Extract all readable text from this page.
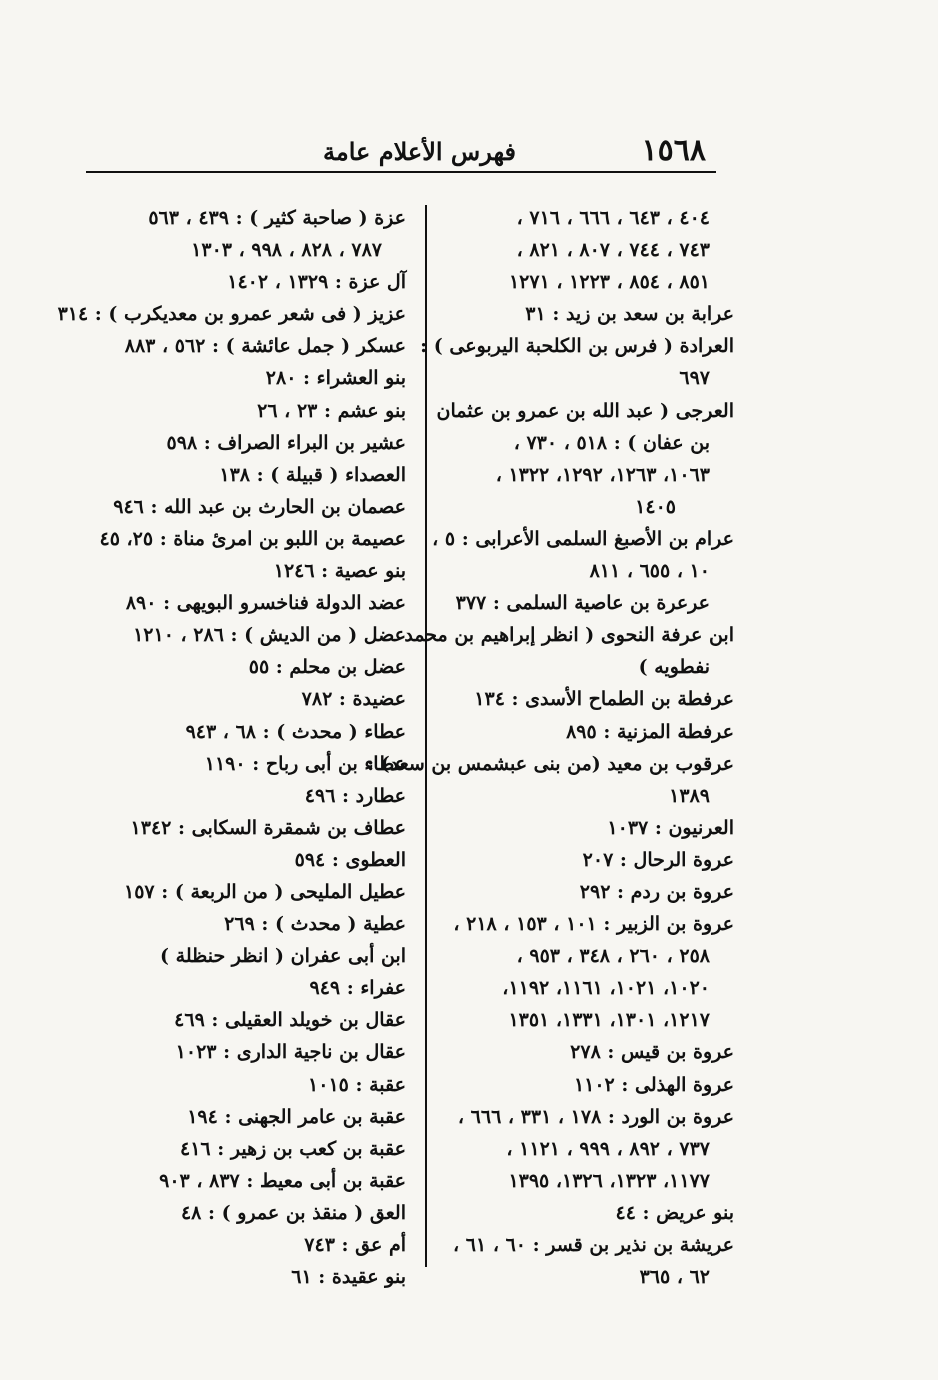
١٥٦٨
فهرس الأعلام عامة
٤٠٤ ، ٦٤٣ ، ٦٦٦ ، ٧١٦ ،
٧٤٣ ، ٧٤٤ ، ٨٠٧ ، ٨٢١ ،
٨٥١ ، ٨٥٤ ، ١٢٢٣ ، ١٢٧١
عرابة بن سعد بن زيد : ٣١
العرادة ( فرس بن الكلحبة اليربوعى ) :
٦٩٧
العرجى ( عبد الله بن عمرو بن عثمان
بن عفان ) : ٥١٨ ، ٧٣٠ ،
١٠٦٣، ١٢٦٣، ١٢٩٢، ١٣٢٢ ،
١٤٠٥
عرام بن الأصبغ السلمى الأعرابى : ٥ ،
١٠ ، ٦٥٥ ، ٨١١
عرعرة بن عاصية السلمى : ٣٧٧
ابن عرفة النحوى ( انظر إبراهيم بن محمد
نفطويه )
عرفطة بن الطماح الأسدى : ١٣٤
عرفطة المزنية : ٨٩٥
عرقوب بن معيد (من بنى عبشمس بن سعد) :
١٣٨٩
العرنيون : ١٠٣٧
عروة الرحال : ٢٠٧
عروة بن ردم : ٢٩٢
عروة بن الزبير : ١٠١ ، ١٥٣ ، ٢١٨ ،
٢٥٨ ، ٢٦٠ ، ٣٤٨ ، ٩٥٣ ،
١٠٢٠، ١٠٢١، ١١٦١، ١١٩٢،
١٢١٧، ١٣٠١، ١٣٣١، ١٣٥١
عروة بن قيس : ٢٧٨
عروة الهذلى : ١١٠٢
عروة بن الورد : ١٧٨ ، ٣٣١ ، ٦٦٦ ،
٧٣٧ ، ٨٩٢ ، ٩٩٩ ، ١١٢١ ،
١١٧٧، ١٣٢٣، ١٣٢٦، ١٣٩٥
بنو عريض : ٤٤
عريشة بن نذير بن قسر : ٦٠ ، ٦١ ،
٦٢ ، ٣٦٥
عزة ( صاحبة كثير ) : ٤٣٩ ، ٥٦٣
٧٨٧ ، ٨٢٨ ، ٩٩٨ ، ١٣٠٣
آل عزة : ١٣٢٩ ، ١٤٠٢
عزيز ( فى شعر عمرو بن معديكرب ) : ٣١٤
عسكر ( جمل عائشة ) : ٥٦٢ ، ٨٨٣
بنو العشراء : ٢٨٠
بنو عشم : ٢٣ ، ٢٦
عشير بن البراء الصراف : ٥٩٨
العصداء ( قبيلة ) : ١٣٨
عصمان بن الحارث بن عبد الله : ٩٤٦
عصيمة بن اللبو بن امرئ مناة : ٢٥، ٤٥
بنو عصية : ١٢٤٦
عضد الدولة فناخسرو البويهى : ٨٩٠
عضل ( من الديش ) : ٢٨٦ ، ١٢١٠
عضل بن محلم : ٥٥
عضيدة : ٧٨٢
عطاء ( محدث ) : ٦٨ ، ٩٤٣
عطاء بن أبى رباح : ١١٩٠
عطارد : ٤٩٦
عطاف بن شمقرة السكابى : ١٣٤٢
العطوى : ٥٩٤
عطيل المليحى ( من الربعة ) : ١٥٧
عطية ( محدث ) : ٢٦٩
ابن أبى عفران ( انظر حنظلة )
عفراء : ٩٤٩
عقال بن خويلد العقيلى : ٤٦٩
عقال بن ناجية الدارى : ١٠٢٣
عقبة : ١٠١٥
عقبة بن عامر الجهنى : ١٩٤
عقبة بن كعب بن زهير : ٤١٦
عقبة بن أبى معيط : ٨٣٧ ، ٩٠٣
العق ( منقذ بن عمرو ) : ٤٨
أم عق : ٧٤٣
بنو عقيدة : ٦١
